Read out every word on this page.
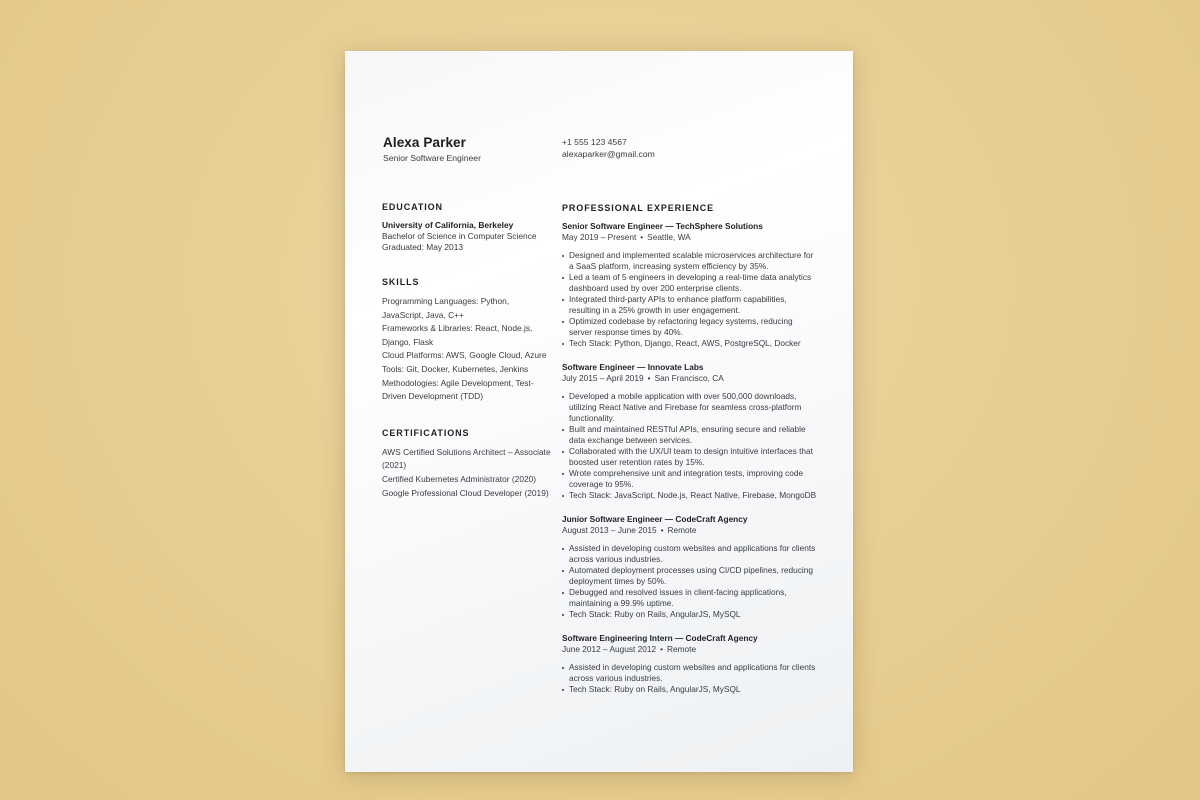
Alexa Parker
Senior Software Engineer
+1 555 123 4567
alexaparker@gmail.com
EDUCATION
University of California, Berkeley
Bachelor of Science in Computer Science
Graduated: May 2013
SKILLS
Programming Languages: Python, JavaScript, Java, C++
Frameworks & Libraries: React, Node.js, Django, Flask
Cloud Platforms: AWS, Google Cloud, Azure
Tools: Git, Docker, Kubernetes, Jenkins
Methodologies: Agile Development, Test-Driven Development (TDD)
CERTIFICATIONS
AWS Certified Solutions Architect – Associate (2021)
Certified Kubernetes Administrator (2020)
Google Professional Cloud Developer (2019)
PROFESSIONAL EXPERIENCE
Senior Software Engineer — TechSphere Solutions
May 2019 – Present • Seattle, WA
Designed and implemented scalable microservices architecture for a SaaS platform, increasing system efficiency by 35%.
Led a team of 5 engineers in developing a real-time data analytics dashboard used by over 200 enterprise clients.
Integrated third-party APIs to enhance platform capabilities, resulting in a 25% growth in user engagement.
Optimized codebase by refactoring legacy systems, reducing server response times by 40%.
Tech Stack: Python, Django, React, AWS, PostgreSQL, Docker
Software Engineer — Innovate Labs
July 2015 – April 2019 • San Francisco, CA
Developed a mobile application with over 500,000 downloads, utilizing React Native and Firebase for seamless cross-platform functionality.
Built and maintained RESTful APIs, ensuring secure and reliable data exchange between services.
Collaborated with the UX/UI team to design intuitive interfaces that boosted user retention rates by 15%.
Wrote comprehensive unit and integration tests, improving code coverage to 95%.
Tech Stack: JavaScript, Node.js, React Native, Firebase, MongoDB
Junior Software Engineer — CodeCraft Agency
August 2013 – June 2015 • Remote
Assisted in developing custom websites and applications for clients across various industries.
Automated deployment processes using CI/CD pipelines, reducing deployment times by 50%.
Debugged and resolved issues in client-facing applications, maintaining a 99.9% uptime.
Tech Stack: Ruby on Rails, AngularJS, MySQL
Software Engineering Intern — CodeCraft Agency
June 2012 – August 2012 • Remote
Assisted in developing custom websites and applications for clients across various industries.
Tech Stack: Ruby on Rails, AngularJS, MySQL
